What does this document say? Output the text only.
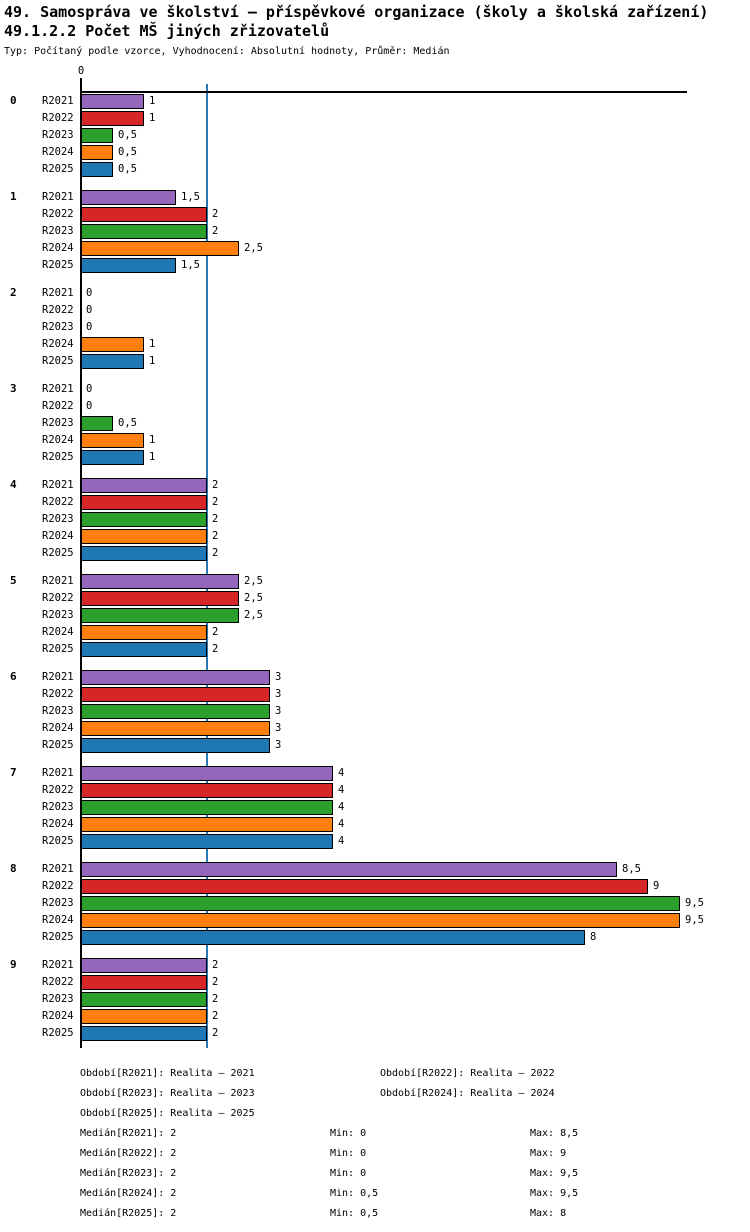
49. Samospráva ve školství – příspěvkové organizace (školy a školská zařízení)
49.1.2.2 Počet MŠ jiných zřizovatelů
Typ: Počítaný podle vzorce, Vyhodnocení: Absolutní hodnoty, Průměr: Medián
0
0 R2021	1
R2022	1
R2023	0,5
R2024	0,5
R2025	0,5
1 R2021	1,5
R2022	2
R2023	2
R2024	2,5
R2025	1,5
2 R2021 0
R2022 0
R2023 0
R2024	1
R2025	1
3 R2021 0
R2022 0
R2023	0,5
R2024	1
R2025	1
4 R2021	2
R2022	2
R2023	2
R2024	2
R2025	2
5 R2021	2,5
R2022	2,5
R2023	2,5
R2024	2
R2025	2
6 R2021	3
R2022	3
R2023	3
R2024	3
R2025	3
7 R2021	4
R2022	4
R2023	4
R2024	4
R2025	4
8 R2021	8,5
R2022	9
R2023	9,5
R2024	9,5
R2025	8
9 R2021	2
R2022	2
R2023	2
R2024	2
R2025	2
Období[R2021]: Realita – 2021	Období[R2022]: Realita – 2022
Období[R2023]: Realita – 2023	Období[R2024]: Realita – 2024
Období[R2025]: Realita – 2025
Medián[R2021]: 2	Min: 0	Max: 8,5
Medián[R2022]: 2	Min: 0	Max: 9
Medián[R2023]: 2	Min: 0	Max: 9,5
Medián[R2024]: 2	Min: 0,5	Max: 9,5
Medián[R2025]: 2	Min: 0,5	Max: 8
